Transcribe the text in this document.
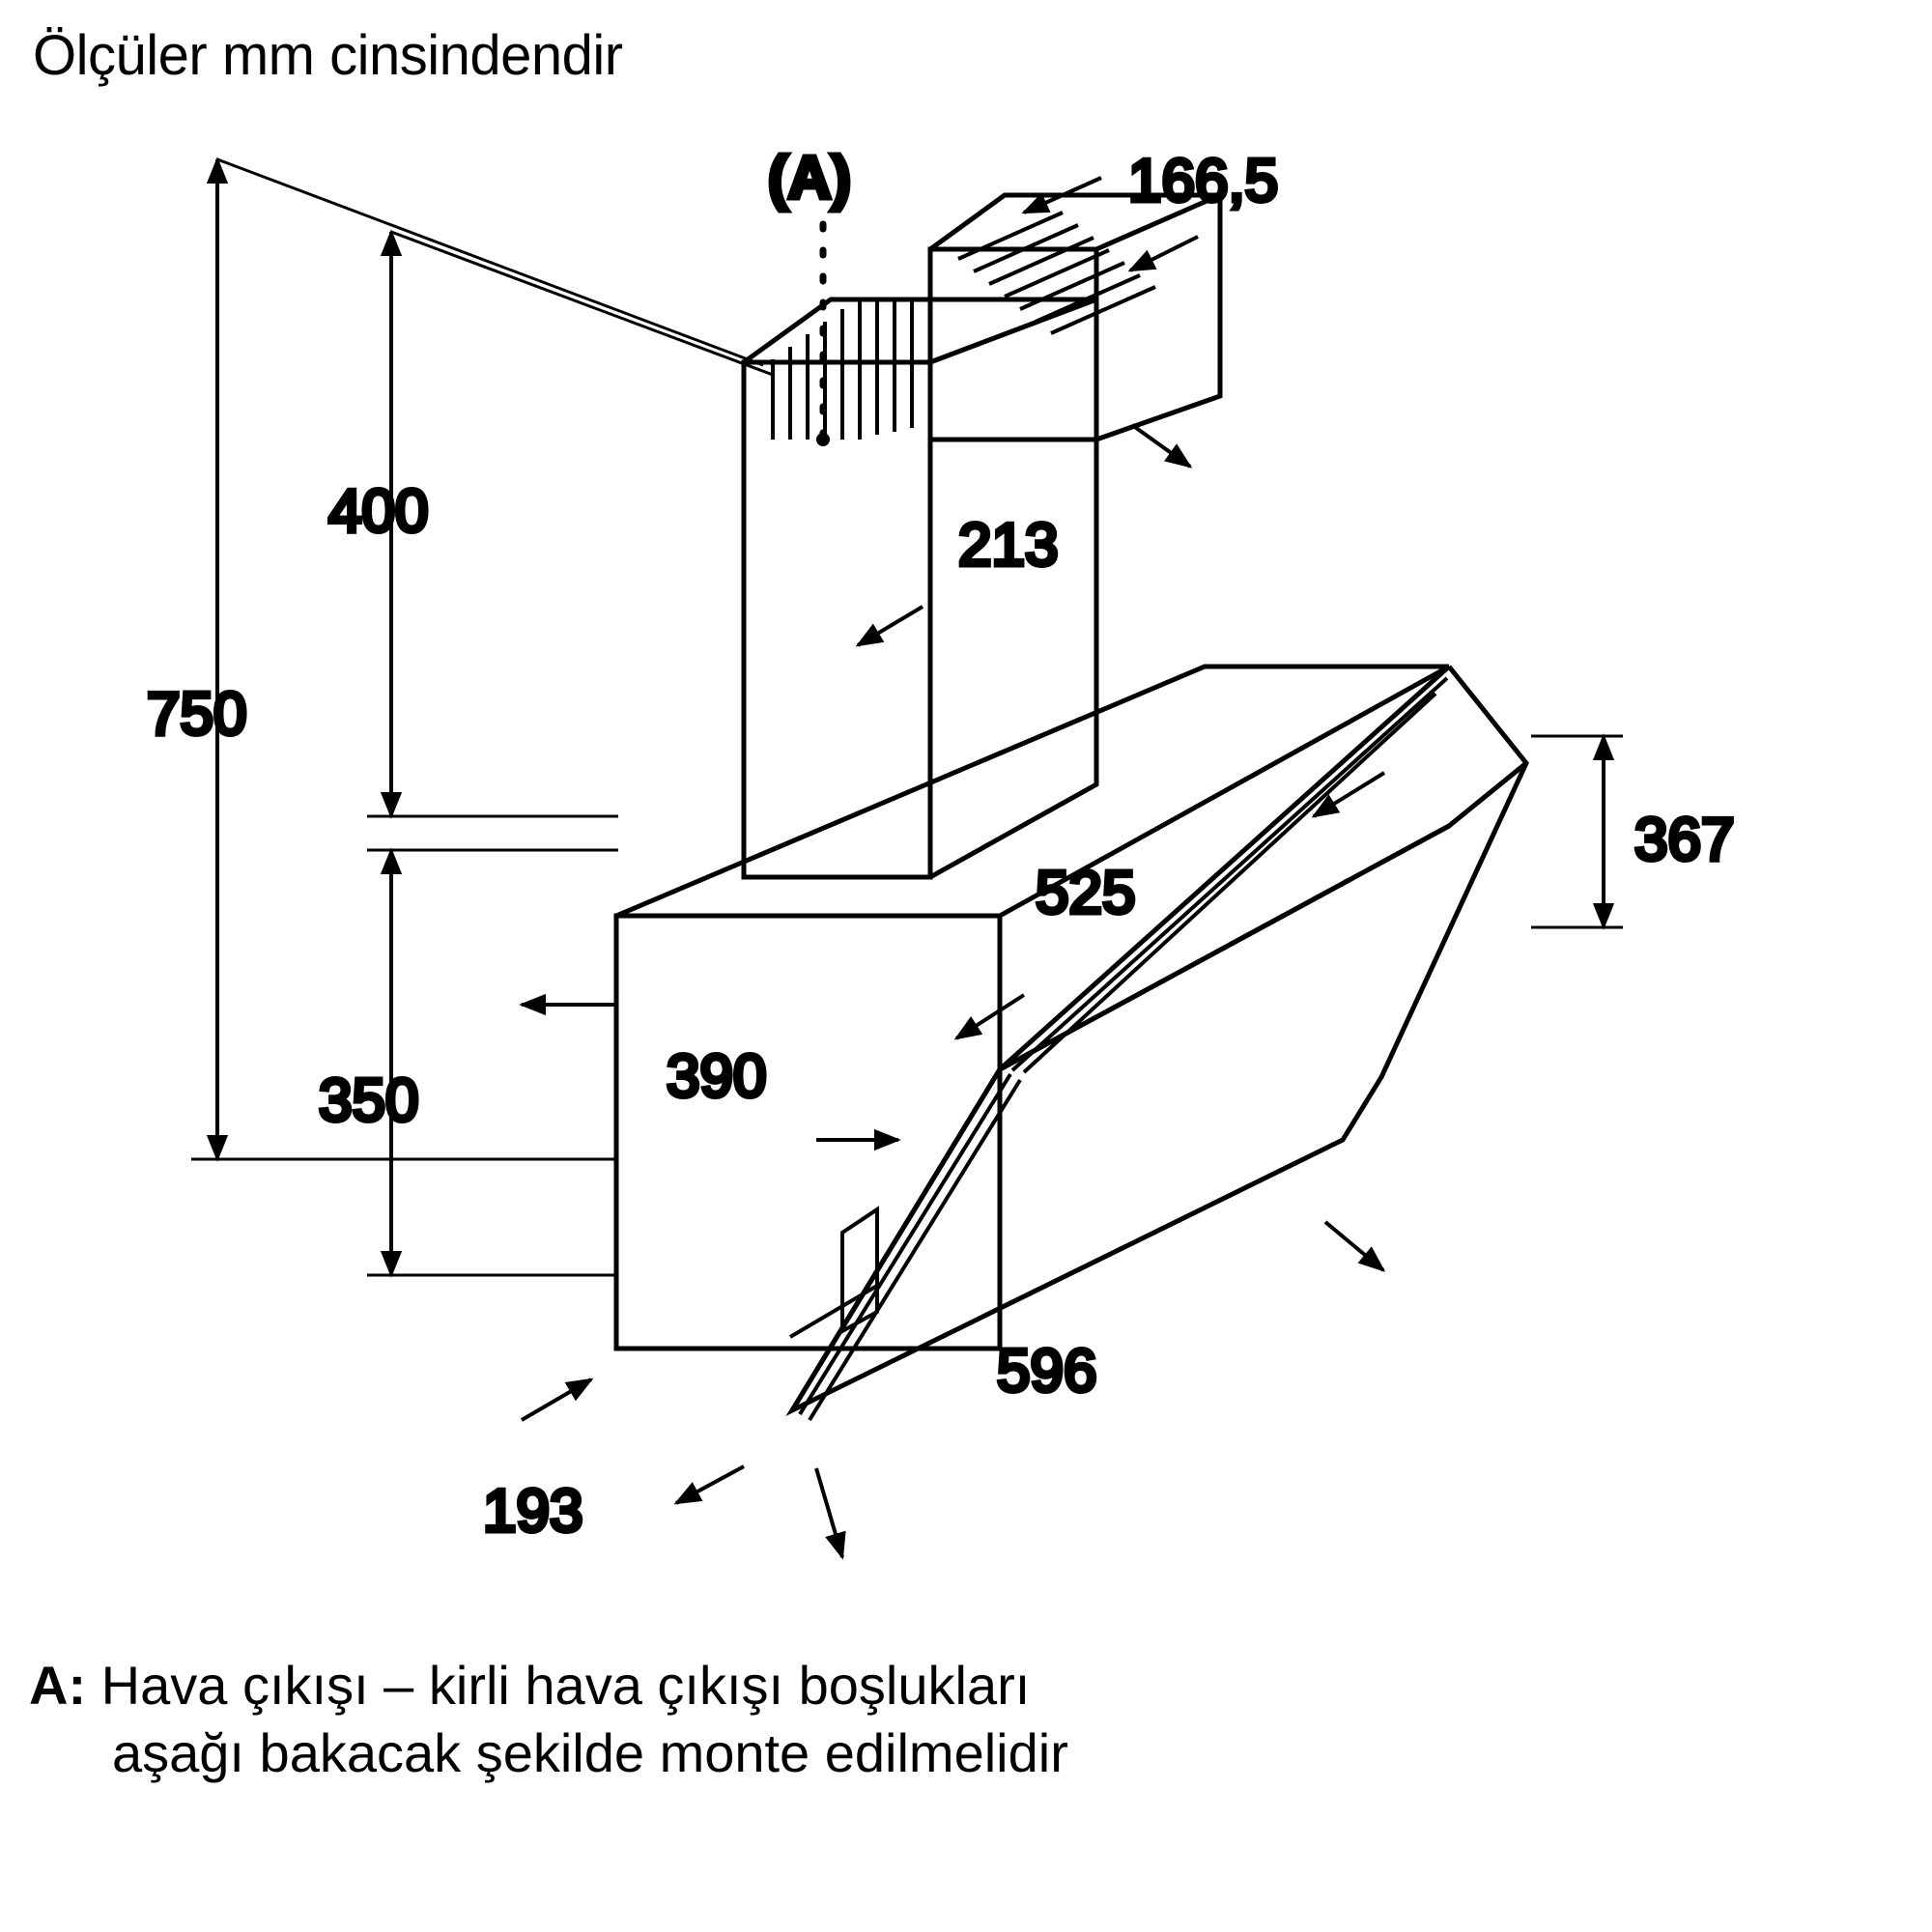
Ölçüler mm cinsindendir
750
400
350
166,5
213
525
390
367
596
193
(A)
A: Hava çıkışı – kirli hava çıkışı boşlukları
aşağı bakacak şekilde monte edilmelidir
